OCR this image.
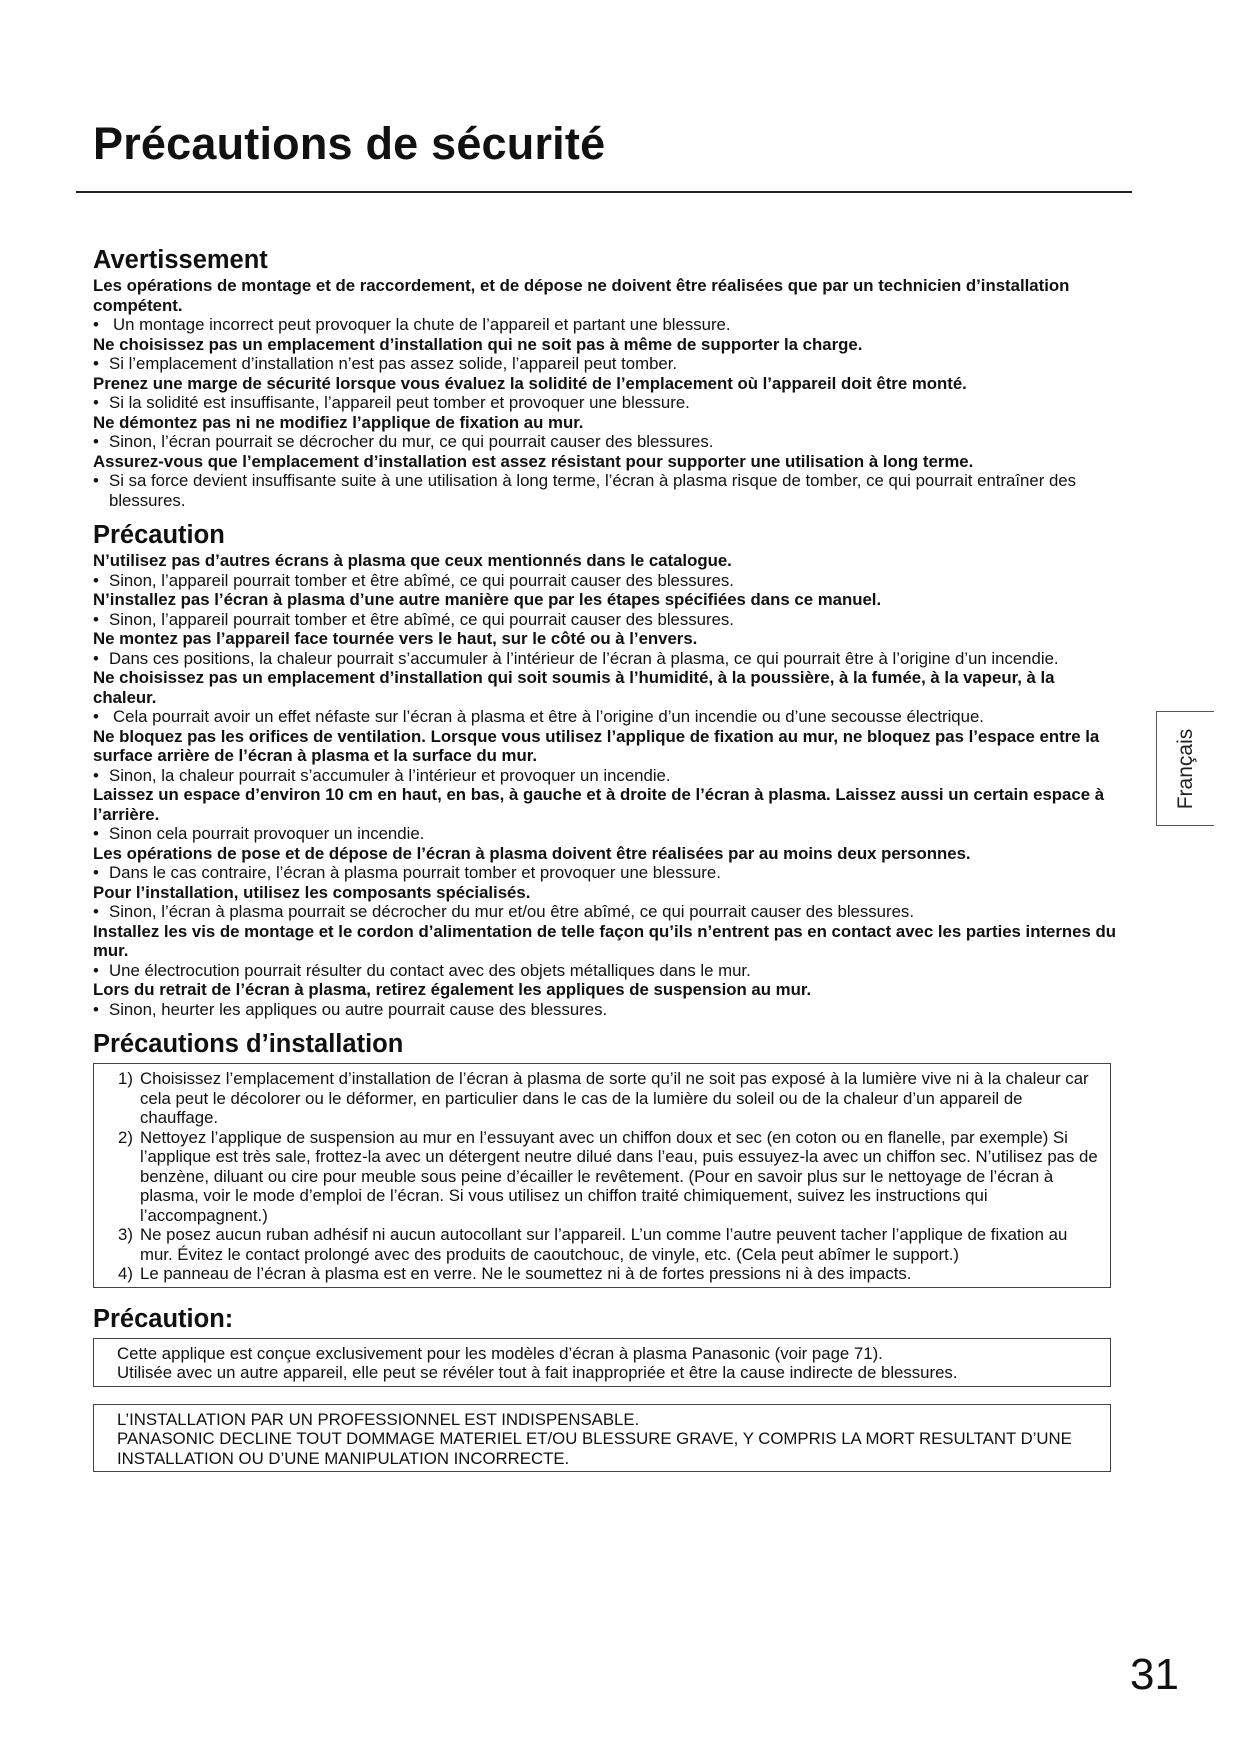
Précautions de sécurité
Français
Avertissement
Les opérations de montage et de raccordement, et de dépose ne doivent être réalisées que par un technicien d’installation compétent.
• Un montage incorrect peut provoquer la chute de l’appareil et partant une blessure.
Ne choisissez pas un emplacement d’installation qui ne soit pas à même de supporter la charge.
• Si l’emplacement d’installation n’est pas assez solide, l’appareil peut tomber.
Prenez une marge de sécurité lorsque vous évaluez la solidité de l’emplacement où l’appareil doit être monté.
• Si la solidité est insuffisante, l’appareil peut tomber et provoquer une blessure.
Ne démontez pas ni ne modifiez l’applique de fixation au mur.
• Sinon, l’écran pourrait se décrocher du mur, ce qui pourrait causer des blessures.
Assurez-vous que l’emplacement d’installation est assez résistant pour supporter une utilisation à long terme.
• Si sa force devient insuffisante suite à une utilisation à long terme, l’écran à plasma risque de tomber, ce qui pourrait entraîner des blessures.
Précaution
N’utilisez pas d’autres écrans à plasma que ceux mentionnés dans le catalogue.
• Sinon, l’appareil pourrait tomber et être abîmé, ce qui pourrait causer des blessures.
N’installez pas l’écran à plasma d’une autre manière que par les étapes spécifiées dans ce manuel.
• Sinon, l’appareil pourrait tomber et être abîmé, ce qui pourrait causer des blessures.
Ne montez pas l’appareil face tournée vers le haut, sur le côté ou à l’envers.
• Dans ces positions, la chaleur pourrait s’accumuler à l’intérieur de l’écran à plasma, ce qui pourrait être à l’origine d’un incendie.
Ne choisissez pas un emplacement d’installation qui soit soumis à l’humidité, à la poussière, à la fumée, à la vapeur, à la chaleur.
• Cela pourrait avoir un effet néfaste sur l’écran à plasma et être à l’origine d’un incendie ou d’une secousse électrique.
Ne bloquez pas les orifices de ventilation. Lorsque vous utilisez l’applique de fixation au mur, ne bloquez pas l’espace entre la surface arrière de l’écran à plasma et la surface du mur.
• Sinon, la chaleur pourrait s’accumuler à l’intérieur et provoquer un incendie.
Laissez un espace d’environ 10 cm en haut, en bas, à gauche et à droite de l’écran à plasma. Laissez aussi un certain espace à l’arrière.
• Sinon cela pourrait provoquer un incendie.
Les opérations de pose et de dépose de l’écran à plasma doivent être réalisées par au moins deux personnes.
• Dans le cas contraire, l’écran à plasma pourrait tomber et provoquer une blessure.
Pour l’installation, utilisez les composants spécialisés.
• Sinon, l’écran à plasma pourrait se décrocher du mur et/ou être abîmé, ce qui pourrait causer des blessures.
Installez les vis de montage et le cordon d’alimentation de telle façon qu’ils n’entrent pas en contact avec les parties internes du mur.
• Une électrocution pourrait résulter du contact avec des objets métalliques dans le mur.
Lors du retrait de l’écran à plasma, retirez également les appliques de suspension au mur.
• Sinon, heurter les appliques ou autre pourrait cause des blessures.
Précautions d’installation
1) Choisissez l’emplacement d’installation de l’écran à plasma de sorte qu’il ne soit pas exposé à la lumière vive ni à la chaleur car cela peut le décolorer ou le déformer, en particulier dans le cas de la lumière du soleil ou de la chaleur d’un appareil de chauffage.
2) Nettoyez l’applique de suspension au mur en l’essuyant avec un chiffon doux et sec (en coton ou en flanelle, par exemple) Si l’applique est très sale, frottez-la avec un détergent neutre dilué dans l’eau, puis essuyez-la avec un chiffon sec. N’utilisez pas de benzène, diluant ou cire pour meuble sous peine d’écailler le revêtement. (Pour en savoir plus sur le nettoyage de l’écran à plasma, voir le mode d’emploi de l’écran. Si vous utilisez un chiffon traité chimiquement, suivez les instructions qui l’accompagnent.)
3) Ne posez aucun ruban adhésif ni aucun autocollant sur l’appareil. L’un comme l’autre peuvent tacher l’applique de fixation au mur. Évitez le contact prolongé avec des produits de caoutchouc, de vinyle, etc. (Cela peut abîmer le support.)
4) Le panneau de l’écran à plasma est en verre. Ne le soumettez ni à de fortes pressions ni à des impacts.
Précaution:
Cette applique est conçue exclusivement pour les modèles d’écran à plasma Panasonic (voir page 71).
Utilisée avec un autre appareil, elle peut se révéler tout à fait inappropriée et être la cause indirecte de blessures.
L’INSTALLATION PAR UN PROFESSIONNEL EST INDISPENSABLE.
PANASONIC DECLINE TOUT DOMMAGE MATERIEL ET/OU BLESSURE GRAVE, Y COMPRIS LA MORT RESULTANT D’UNE INSTALLATION OU D’UNE MANIPULATION INCORRECTE.
31
